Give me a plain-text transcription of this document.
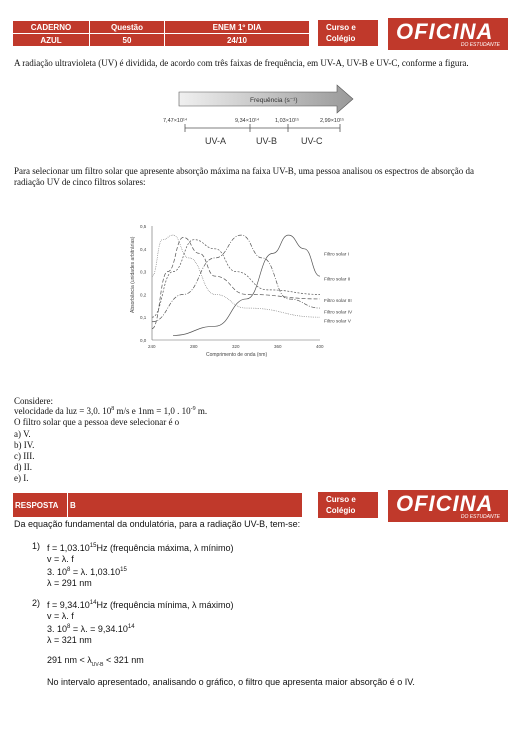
CADERNO	Questão	ENEM 1º DIA
AZUL	50	24/10
Curso e
Colégio	OFICINA
DO ESTUDANTE
A radiação ultravioleta (UV) é dividida, de acordo com três faixas de frequência, em UV-A, UV-B e UV-C, conforme a figura.
Frequência (s⁻¹)
7,47×10¹⁴	9,34×10¹⁴	1,03×10¹⁵	2,99×10¹⁵
UV-A	UV-B	UV-C
Para selecionar um filtro solar que apresente absorção máxima na faixa UV-B, uma pessoa analisou os espectros de absorção da radiação UV de cinco filtros solares:
0,0
0,1
0,2
0,3
0,4
0,5
240	280	320	360	400
Comprimento de onda (nm)
Absorbância (unidades arbitrárias)	Filtro solar I
Filtro solar II
Filtro solar III
Filtro solar IV
Filtro solar V
Considere:
velocidade da luz = 3,0. $10^8$ m/s e 1nm = 1,0 . $10^{-9}$ m.
O filtro solar que a pessoa deve selecionar é o
a) V.
b) IV.
c) III.
d) II.
e) I.
RESPOSTA	B
Curso e
Colégio	OFICINA
DO ESTUDANTE
Da equação fundamental da ondulatória, para a radiação UV-B, tem-se:
1) $f = 1,03.10^{15}Hz$ (frequência máxima, λ mínimo)
v = λ. f
3. $10^8 = \lambda$. 1,03.10$^{15}$
λ = 291 nm
2) $f = 9,34.10^{14}Hz$ (frequência mínima, λ máximo)
v = λ. f
3. $10^8 = \lambda$. = $9,34.10^{14}$
λ = 321 nm
291 nm < $\lambda_{UV-B} < 321$ nm
No intervalo apresentado, analisando o gráfico, o filtro que apresenta maior absorção é o IV.
